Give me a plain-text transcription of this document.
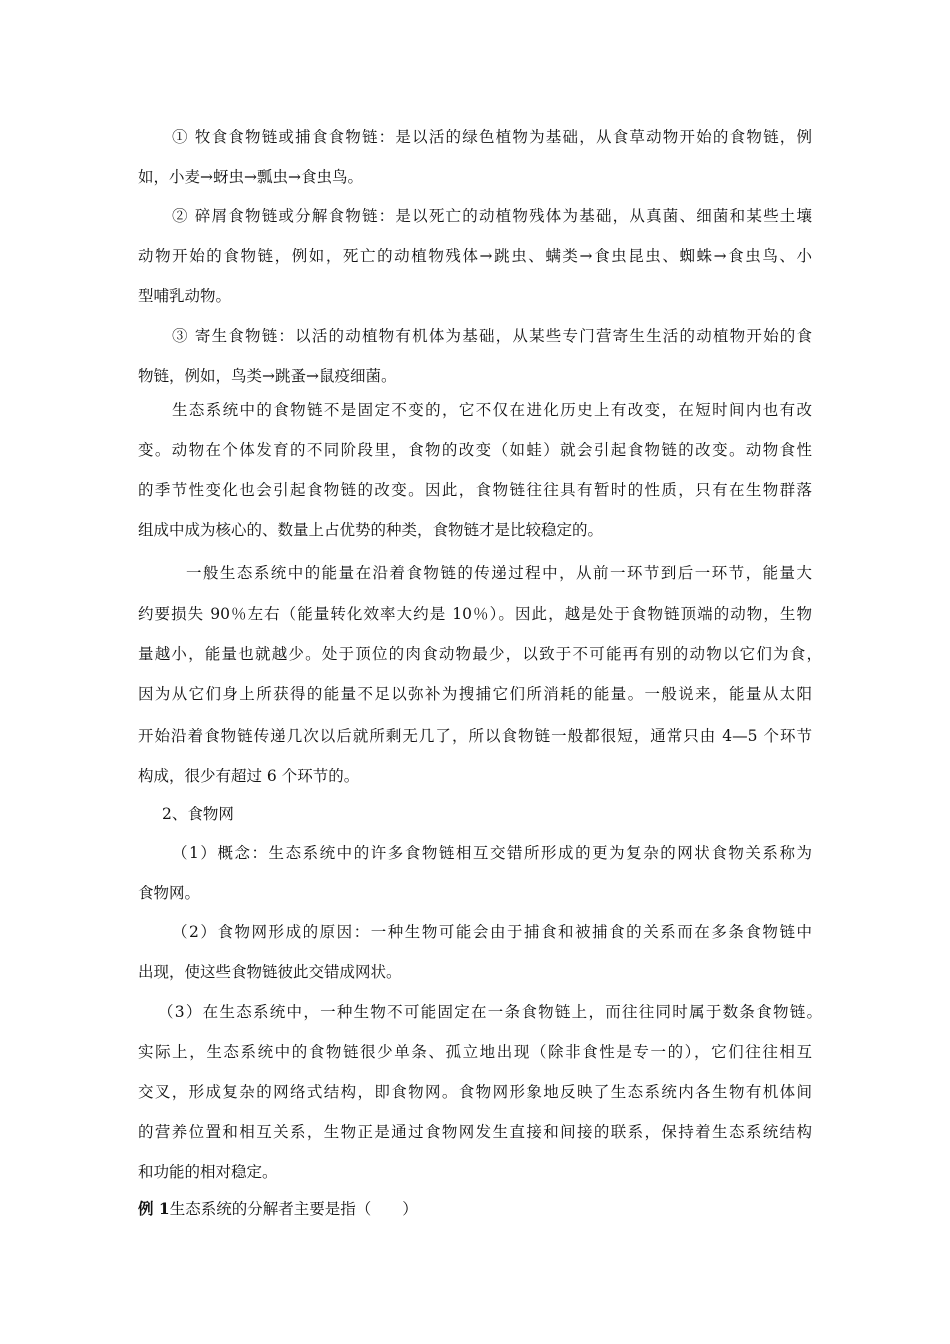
① 牧食食物链或捕食食物链：是以活的绿色植物为基础，从食草动物开始的食物链，例
如，小麦→蚜虫→瓢虫→食虫鸟。
② 碎屑食物链或分解食物链：是以死亡的动植物残体为基础，从真菌、细菌和某些土壤
动物开始的食物链，例如，死亡的动植物残体→跳虫、螨类→食虫昆虫、蜘蛛→食虫鸟、小
型哺乳动物。
③ 寄生食物链：以活的动植物有机体为基础，从某些专门营寄生生活的动植物开始的食
物链，例如，鸟类→跳蚤→鼠疫细菌。
生态系统中的食物链不是固定不变的，它不仅在进化历史上有改变，在短时间内也有改
变。动物在个体发育的不同阶段里，食物的改变（如蛙）就会引起食物链的改变。动物食性
的季节性变化也会引起食物链的改变。因此，食物链往往具有暂时的性质，只有在生物群落
组成中成为核心的、数量上占优势的种类，食物链才是比较稳定的。
一般生态系统中的能量在沿着食物链的传递过程中，从前一环节到后一环节，能量大
约要损失 90％左右（能量转化效率大约是 10％）。因此，越是处于食物链顶端的动物，生物
量越小，能量也就越少。处于顶位的肉食动物最少，以致于不可能再有别的动物以它们为食，
因为从它们身上所获得的能量不足以弥补为搜捕它们所消耗的能量。一般说来，能量从太阳
开始沿着食物链传递几次以后就所剩无几了，所以食物链一般都很短，通常只由 4—5 个环节
构成，很少有超过 6 个环节的。
2、食物网
（1）概念：生态系统中的许多食物链相互交错所形成的更为复杂的网状食物关系称为
食物网。
（2）食物网形成的原因：一种生物可能会由于捕食和被捕食的关系而在多条食物链中
出现，使这些食物链彼此交错成网状。
（3）在生态系统中，一种生物不可能固定在一条食物链上，而往往同时属于数条食物链。
实际上，生态系统中的食物链很少单条、孤立地出现（除非食性是专一的），它们往往相互
交叉，形成复杂的网络式结构，即食物网。食物网形象地反映了生态系统内各生物有机体间
的营养位置和相互关系，生物正是通过食物网发生直接和间接的联系，保持着生态系统结构
和功能的相对稳定。
例 1生态系统的分解者主要是指（　　）
